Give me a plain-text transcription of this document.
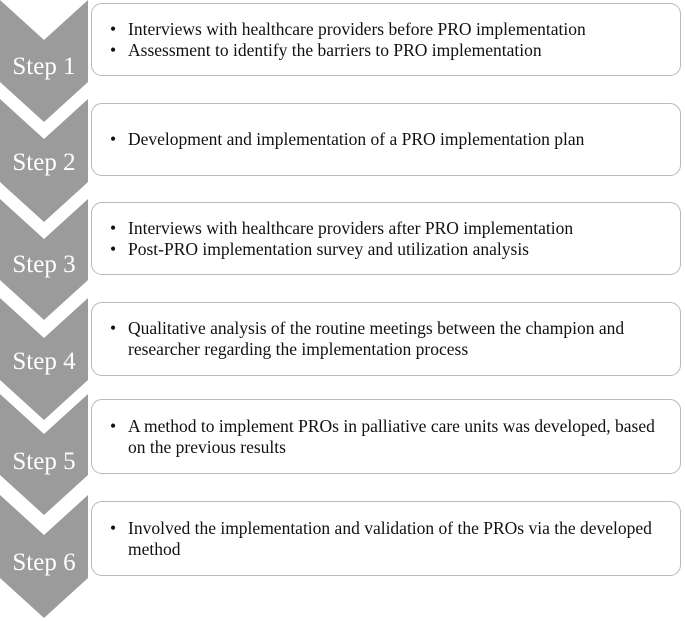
Step 1
Step 2
Step 3
Step 4
Step 5
Step 6
• Interviews with healthcare providers before PRO implementation
• Assessment to identify the barriers to PRO implementation
• Development and implementation of a PRO implementation plan
• Interviews with healthcare providers after PRO implementation
• Post-PRO implementation survey and utilization analysis
• Qualitative analysis of the routine meetings between the champion and researcher regarding the implementation process
• A method to implement PROs in palliative care units was developed, based on the previous results
• Involved the implementation and validation of the PROs via the developed method
